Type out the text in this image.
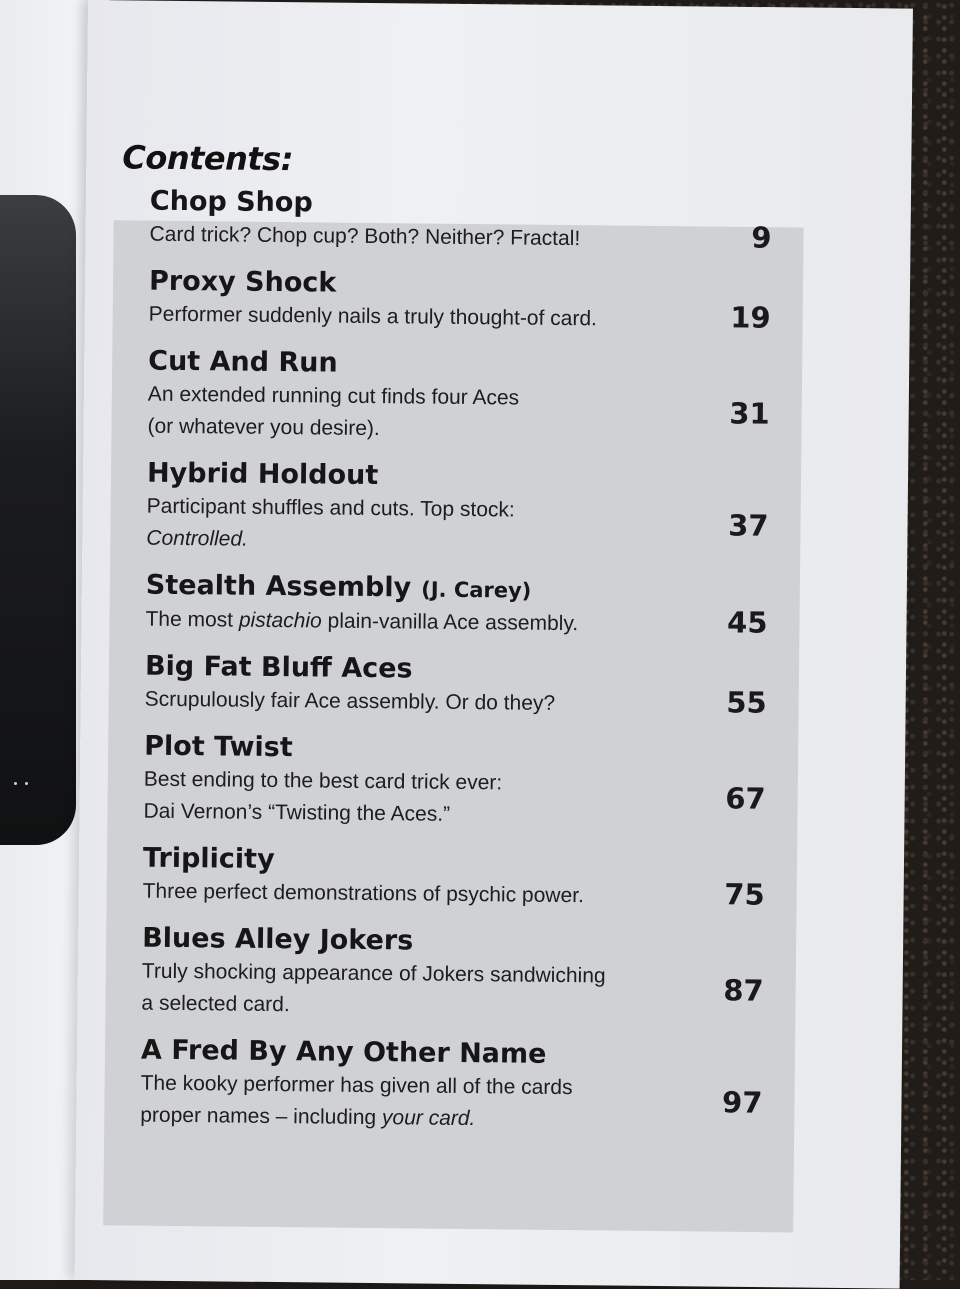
Contents:
Chop Shop
Card trick? Chop cup? Both? Neither? Fractal!	9
Proxy Shock
Performer suddenly nails a truly thought-of card.	19
Cut And Run
An extended running cut finds four Aces
(or whatever you desire).	31
Hybrid Holdout
Participant shuffles and cuts. Top stock:
Controlled.	37
Stealth Assembly (J. Carey)
The most pistachio plain-vanilla Ace assembly.	45
Big Fat Bluff Aces
Scrupulously fair Ace assembly. Or do they?	55
Plot Twist
Best ending to the best card trick ever:
Dai Vernon’s “Twisting the Aces.”	67
Triplicity
Three perfect demonstrations of psychic power.	75
Blues Alley Jokers
Truly shocking appearance of Jokers sandwiching
a selected card.	87
A Fred By Any Other Name
The kooky performer has given all of the cards
proper names – including your card.	97
